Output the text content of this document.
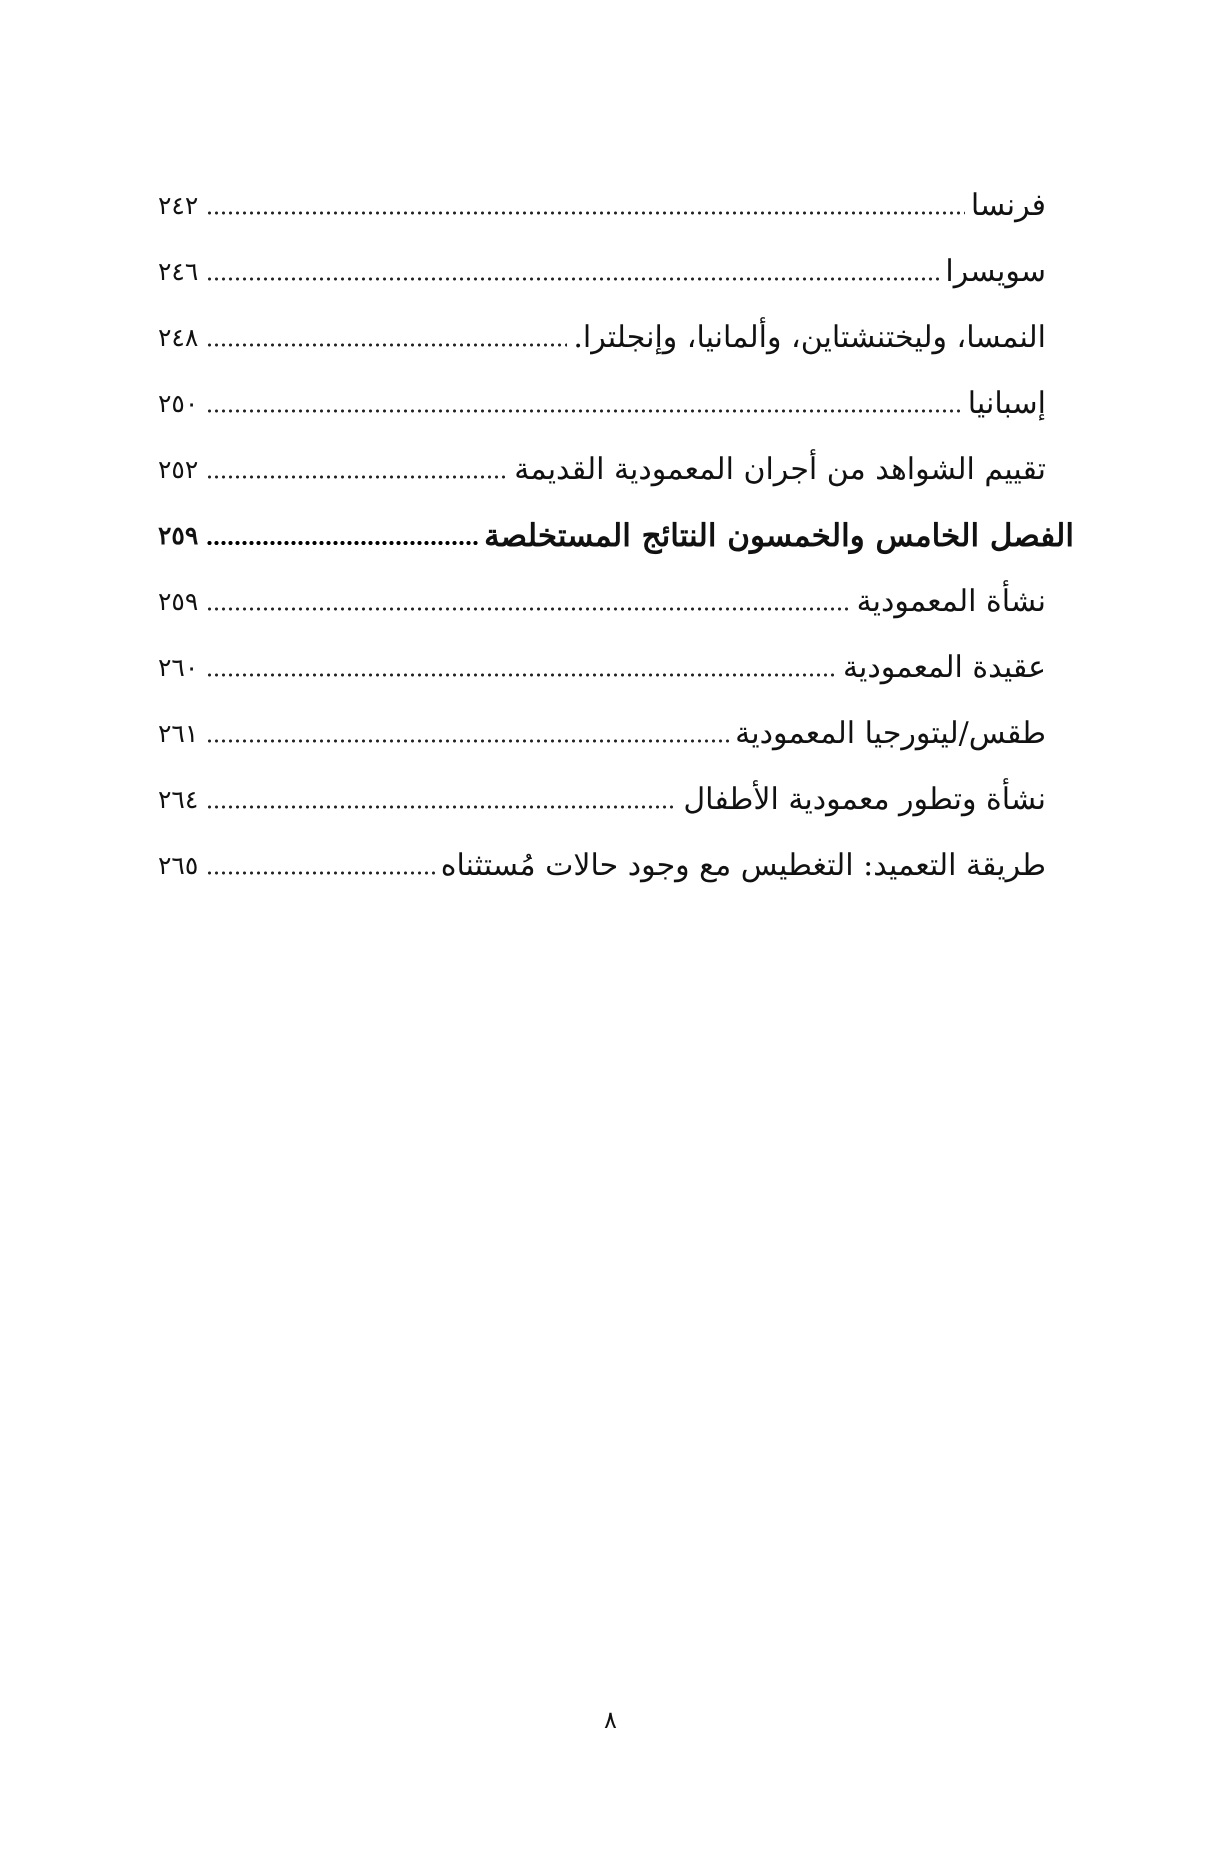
فرنسا
٢٤٢
سويسرا
٢٤٦
النمسا، وليختنشتاين، وألمانيا، وإنجلترا.
٢٤٨
إسبانيا
٢٥٠
تقييم الشواهد من أجران المعمودية القديمة
٢٥٢
الفصل الخامس والخمسون النتائج المستخلصة
٢٥٩
نشأة المعمودية
٢٥٩
عقيدة المعمودية
٢٦٠
طقس/ليتورجيا المعمودية
٢٦١
نشأة وتطور معمودية الأطفال
٢٦٤
طريقة التعميد: التغطيس مع وجود حالات مُستثناه
٢٦٥
٨
